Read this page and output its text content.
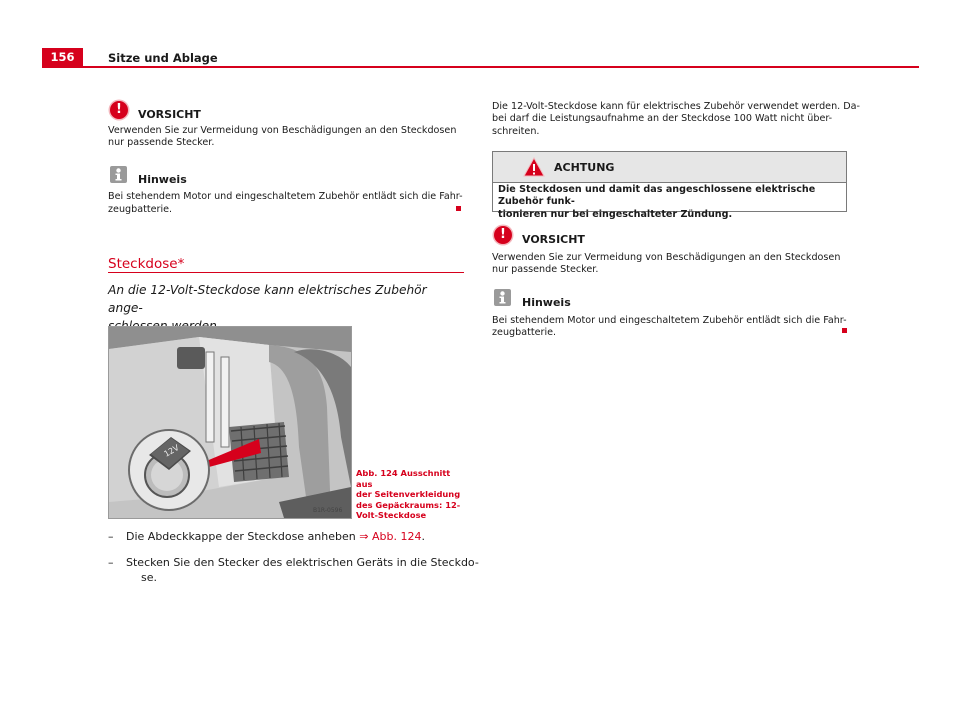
156	Sitze und Ablage
!	VORSICHT
Verwenden Sie zur Vermeidung von Beschädigungen an den Steckdosen
nur passende Stecker.
Hinweis
Bei stehendem Motor und eingeschaltetem Zubehör entlädt sich die Fahr-
zeugbatterie.
Steckdose*
An die 12-Volt-Steckdose kann elektrisches Zubehör ange-
12V
B1R-0596
Abb. 124 Ausschnitt aus
der Seitenverkleidung
des Gepäckraums: 12-
Volt-Steckdose
– Die Abdeckkappe der Steckdose anheben ⇒ Abb. 124.
– Stecken Sie den Stecker des elektrischen Geräts in die Steckdo-
se.
Die 12-Volt-Steckdose kann für elektrisches Zubehör verwendet werden. Da-
bei darf die Leistungsaufnahme an der Steckdose 100 Watt nicht über-
schreiten.
ACHTUNG
Die Steckdosen und damit das angeschlossene elektrische Zubehör funk-
tionieren nur bei eingeschalteter Zündung.
!	VORSICHT
Verwenden Sie zur Vermeidung von Beschädigungen an den Steckdosen
nur passende Stecker.
Hinweis
Bei stehendem Motor und eingeschaltetem Zubehör entlädt sich die Fahr-
zeugbatterie.
